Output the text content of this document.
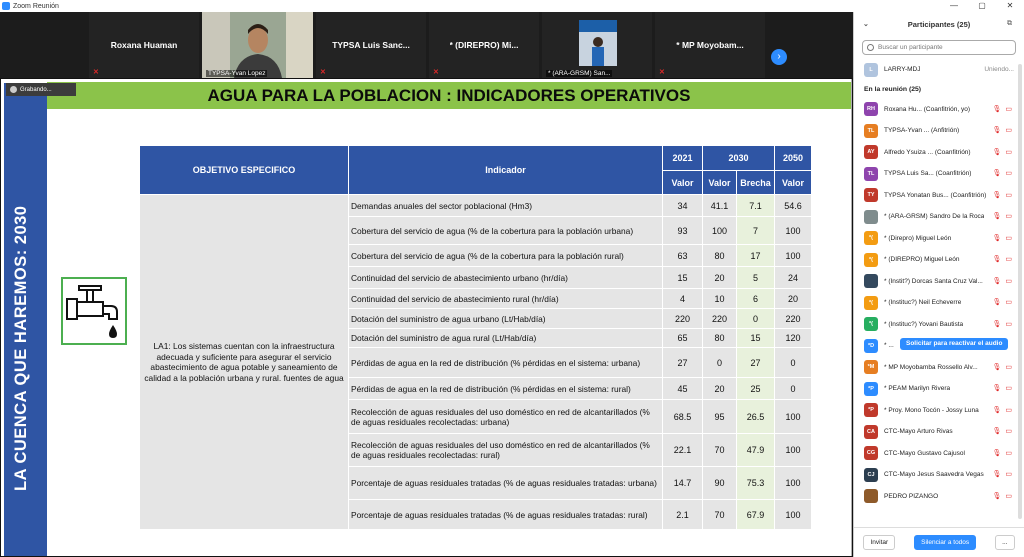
Zoom Reunión	—	▢	✕
Roxana Huaman
✕	TYPSA-Yvan Lopez
TYPSA Luis Sanc...
✕
* (DIREPRO) Mi...
✕	* (ARA-GRSM) San...
* MP Moyobam...
✕
›
Grabando...
LA CUENCA QUE HAREMOS: 2030
AGUA PARA LA POBLACION : INDICADORES OPERATIVOS
OBJETIVO ESPECIFICO	Indicador	2021	2030		2050
		Valor	Valor	Brecha	Valor
LA1: Los sistemas cuentan con la infraestructura adecuada y suficiente para asegurar el servicio abastecimiento de agua potable y saneamiento de calidad a la población urbana y rural. fuentes de agua	Demandas anuales del sector poblacional (Hm3)	34	41.1	7.1	54.6
	Cobertura del servicio de agua (% de la cobertura para la población urbana)	93	100	7	100
	Cobertura del servicio de agua (% de la cobertura para la población rural)	63	80	17	100
	Continuidad del servicio de abastecimiento urbano (hr/día)	15	20	5	24
	Continuidad del servicio de abastecimiento rural (hr/día)	4	10	6	20
	Dotación del suministro de agua urbano (Lt/Hab/día)	220	220	0	220
	Dotación del suministro de agua rural (Lt/Hab/día)	65	80	15	120
	Pérdidas de agua en la red de distribución (% pérdidas en el sistema: urbana)	27	0	27	0
	Pérdidas de agua en la red de distribución (% pérdidas en el sistema: rural)	45	20	25	0
	Recolección de aguas residuales del uso doméstico en red de alcantarillados (% de aguas residuales recolectadas: urbana)	68.5	95	26.5	100
	Recolección de aguas residuales del uso doméstico en red de alcantarillados (% de aguas residuales recolectadas: rural)	22.1	70	47.9	100
	Porcentaje de aguas residuales tratadas (% de aguas residuales tratadas: urbana)	14.7	90	75.3	100
	Porcentaje de aguas residuales tratadas (% de aguas residuales tratadas: rural)	2.1	70	67.9	100
⌄	Participantes (25)	⧉
Buscar un participante
L	LARRY-MDJ	Uniendo...
En la reunión (25)
RH	Roxana Hu... (Coanfitrión, yo)	🎙 ▭
TL	TYPSA-Yvan ... (Anfitrión)	🎙 ▭
AY	Alfredo Ysuiza ... (Coanfitrión)	🎙 ▭
TL	TYPSA Luis Sa... (Coanfitrión)	🎙 ▭
TY	TYPSA Yonatan Bus... (Coanfitrión) 🎙 ▭
* (ARA-GRSM) Sandro De la Roca 🎙 ▭
*(	* (Direpro) Miguel León	🎙 ▭
*(	* (DIREPRO) Miguel León	🎙 ▭
* (Instit?) Dorcas Santa Cruz Val... 🎙 ▭
*(	* (Instituc?) Neil Echeverre	🎙 ▭
*(	* (Instituc?) Yovani Bautista	🎙 ▭
*D	* ...	Solicitar para reactivar el audio
*M	* MP Moyobamba Rossello Alv... 🎙 ▭
*P	* PEAM Marilyn Rivera	🎙 ▭
*P	* Proy. Mono Tocón - Jossy Luna 🎙 ▭
CA	CTC-Mayo Arturo Rivas	🎙 ▭
CG	CTC-Mayo Gustavo Cajusol	🎙 ▭
CJ	CTC-Mayo Jesus Saavedra Vegas 🎙 ▭
PEDRO PIZANGO	🎙 ▭
Invitar	Silenciar a todos	...
